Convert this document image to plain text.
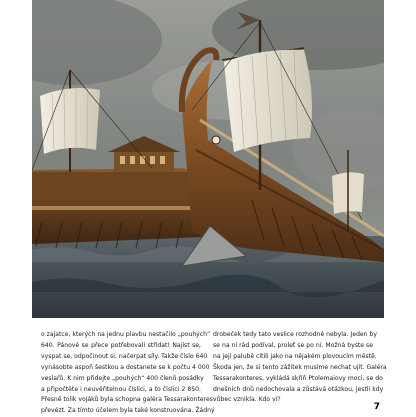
o zajatce, kterých na jednu plavbu nestačilo „pouhých“
640. Pánové se přece potřebovali střídat! Najíst se,
vyspat se, odpočinout si, načerpat síly. Takže číslo 640
vynásobte aspoň šestkou a dostanete se k počtu 4 000
veslařů. K nim přidejte „pouhých“ 400 členů posádky
a připočtěte i neuvěřitelnou číslici, a to číslici 2 850.
Přesně tolik vojáků byla schopna galéra Tessarakonteres
převézt. Za tímto účelem byla také konstruována. Žádný
drobeček tedy tato veslice rozhodně nebyla. Jeden by
se na ní rád podíval, proleť se po ní. Možná byste se
na její palubě cítili jako na nějakém plovoucím městě.
Škoda jen, že si tento zážitek musíme nechat ujít. Galéra
Tessarakonteres, vykládá skříň Ptolemaiovy moci, se do
dnešních dnů nedochovala a zůstává otázkou, jestli kdy
vůbec vznikla. Kdo ví?
7
